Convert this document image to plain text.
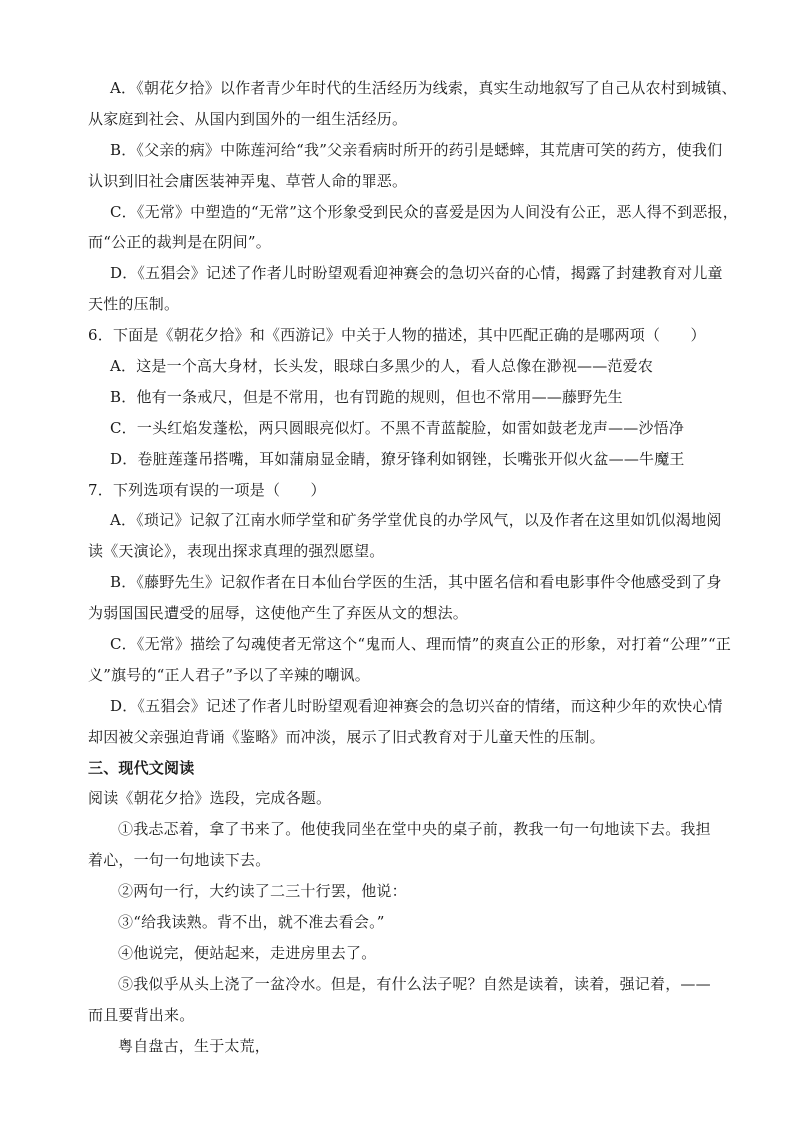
A．《朝花夕拾》以作者青少年时代的生活经历为线索，真实生动地叙写了自己从农村到城镇、
从家庭到社会、从国内到国外的一组生活经历。
B．《父亲的病》中陈莲河给“我”父亲看病时所开的药引是蟋蟀，其荒唐可笑的药方，使我们
认识到旧社会庸医装神弄鬼、草菅人命的罪恶。
C．《无常》中塑造的“无常”这个形象受到民众的喜爱是因为人间没有公正，恶人得不到恶报，
而“公正的裁判是在阴间”。
D．《五猖会》记述了作者儿时盼望观看迎神赛会的急切兴奋的心情，揭露了封建教育对儿童
天性的压制。
6．下面是《朝花夕拾》和《西游记》中关于人物的描述，其中匹配正确的是哪两项（　　）
A．这是一个高大身材，长头发，眼球白多黑少的人，看人总像在渺视——范爱农
B．他有一条戒尺，但是不常用，也有罚跪的规则，但也不常用——藤野先生
C．一头红焰发蓬松，两只圆眼亮似灯。不黑不青蓝靛脸，如雷如鼓老龙声——沙悟净
D．卷脏莲蓬吊搭嘴，耳如蒲扇显金睛，獠牙锋利如钢锉，长嘴张开似火盆——牛魔王
7．下列选项有误的一项是（　　）
A．《琐记》记叙了江南水师学堂和矿务学堂优良的办学风气，以及作者在这里如饥似渴地阅
读《天演论》，表现出探求真理的强烈愿望。
B．《藤野先生》记叙作者在日本仙台学医的生活，其中匿名信和看电影事件令他感受到了身
为弱国国民遭受的屈辱，这使他产生了弃医从文的想法。
C．《无常》描绘了勾魂使者无常这个“鬼而人、理而情”的爽直公正的形象，对打着“公理”“正
义”旗号的“正人君子”予以了辛辣的嘲讽。
D．《五猖会》记述了作者儿时盼望观看迎神赛会的急切兴奋的情绪，而这种少年的欢快心情
却因被父亲强迫背诵《鉴略》而冲淡，展示了旧式教育对于儿童天性的压制。
三、现代文阅读
阅读《朝花夕拾》选段，完成各题。
①我忐忑着，拿了书来了。他使我同坐在堂中央的桌子前，教我一句一句地读下去。我担
着心，一句一句地读下去。
②两句一行，大约读了二三十行罢，他说：
③“给我读熟。背不出，就不准去看会。”
④他说完，便站起来，走进房里去了。
⑤我似乎从头上浇了一盆冷水。但是，有什么法子呢？自然是读着，读着，强记着，——
而且要背出来。
粤自盘古，生于太荒，
